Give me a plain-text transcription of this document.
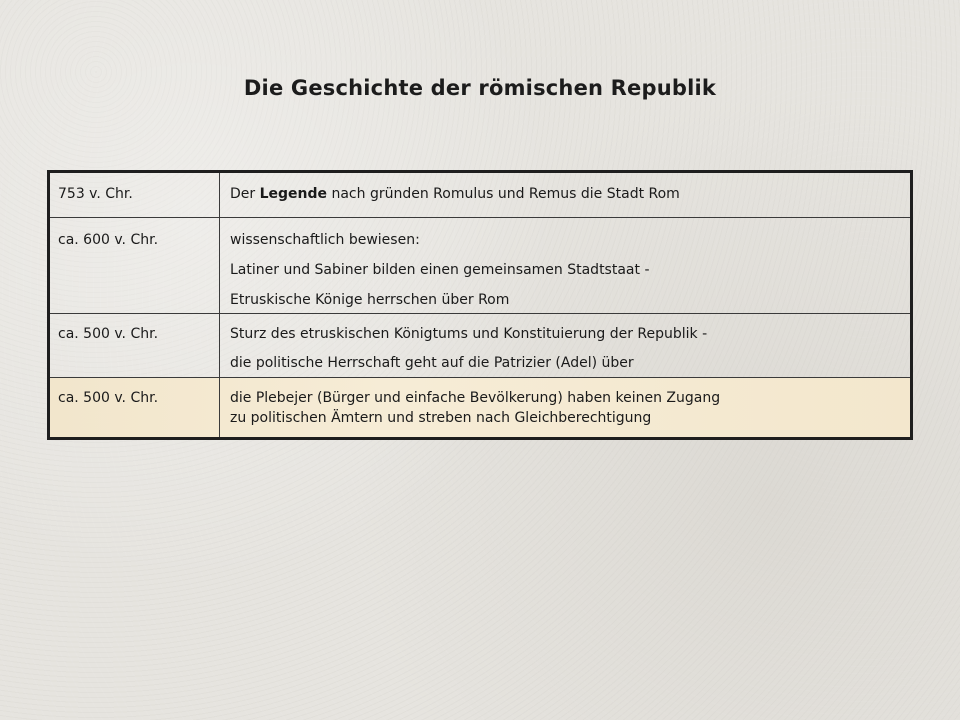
Die Geschichte der römischen Republik
753 v. Chr.	Der Legende nach gründen Romulus und Remus die Stadt Rom
ca. 600 v. Chr.	wissenschaftlich bewiesen:
Latiner und Sabiner bilden einen gemeinsamen Stadtstaat -
Etruskische Könige herrschen über Rom
ca. 500 v. Chr.	Sturz des etruskischen Königtums und Konstituierung der Republik -
die politische Herrschaft geht auf die Patrizier (Adel) über
ca. 500 v. Chr.	die Plebejer (Bürger und einfache Bevölkerung) haben keinen Zugang
zu politischen Ämtern und streben nach Gleichberechtigung
